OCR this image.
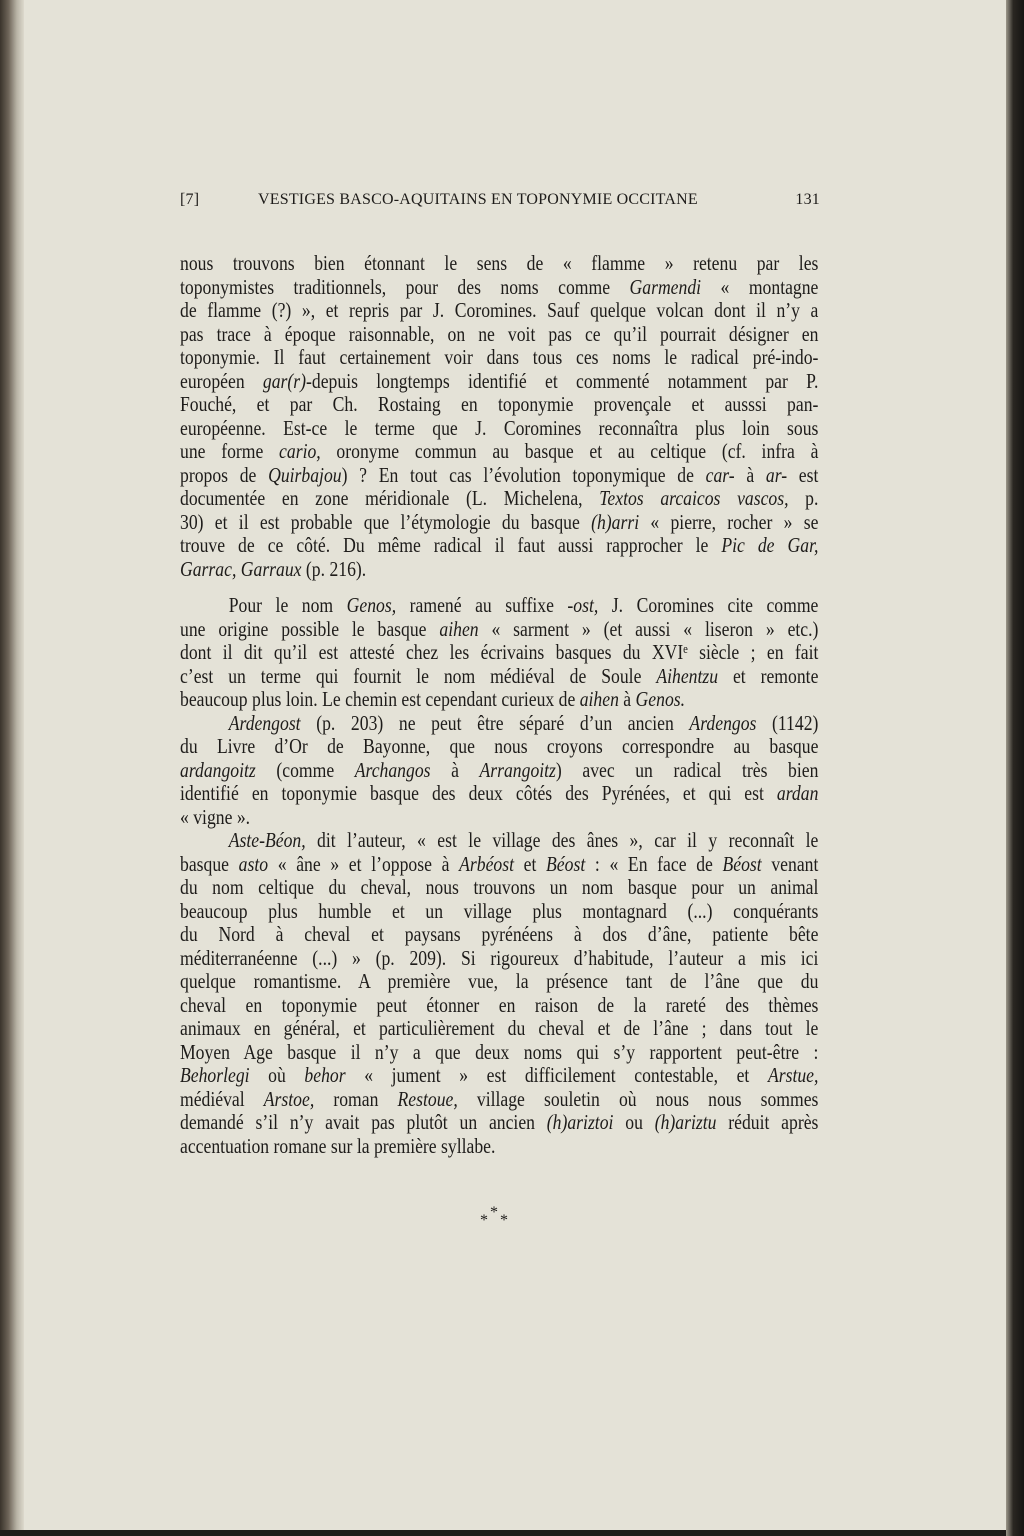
[7]	VESTIGES BASCO-AQUITAINS EN TOPONYMIE OCCITANE	131
nous trouvons bien étonnant le sens de « flamme » retenu par les
toponymistes traditionnels, pour des noms comme Garmendi « montagne
de flamme (?) », et repris par J. Coromines. Sauf quelque volcan dont il n’y a
pas trace à époque raisonnable, on ne voit pas ce qu’il pourrait désigner en
toponymie. Il faut certainement voir dans tous ces noms le radical pré-indo-
européen gar(r)-depuis longtemps identifié et commenté notamment par P.
Fouché, et par Ch. Rostaing en toponymie provençale et ausssi pan-
européenne. Est-ce le terme que J. Coromines reconnaîtra plus loin sous
une forme cario, oronyme commun au basque et au celtique (cf. infra à
propos de Quirbajou) ? En tout cas l’évolution toponymique de car- à ar- est
documentée en zone méridionale (L. Michelena, Textos arcaicos vascos, p.
30) et il est probable que l’étymologie du basque (h)arri « pierre, rocher » se
trouve de ce côté. Du même radical il faut aussi rapprocher le Pic de Gar,
Garrac, Garraux (p. 216).
Pour le nom Genos, ramené au suffixe -ost, J. Coromines cite comme
une origine possible le basque aihen « sarment » (et aussi « liseron » etc.)
dont il dit qu’il est attesté chez les écrivains basques du XVIᵉ siècle ; en fait
c’est un terme qui fournit le nom médiéval de Soule Aihentzu et remonte
beaucoup plus loin. Le chemin est cependant curieux de aihen à Genos.
Ardengost (p. 203) ne peut être séparé d’un ancien Ardengos (1142)
du Livre d’Or de Bayonne, que nous croyons correspondre au basque
ardangoitz (comme Archangos à Arrangoitz) avec un radical très bien
identifié en toponymie basque des deux côtés des Pyrénées, et qui est ardan
« vigne ».
Aste-Béon, dit l’auteur, « est le village des ânes », car il y reconnaît le
basque asto « âne » et l’oppose à Arbéost et Béost : « En face de Béost venant
du nom celtique du cheval, nous trouvons un nom basque pour un animal
beaucoup plus humble et un village plus montagnard (...) conquérants
du Nord à cheval et paysans pyrénéens à dos d’âne, patiente bête
méditerranéenne (...) » (p. 209). Si rigoureux d’habitude, l’auteur a mis ici
quelque romantisme. A première vue, la présence tant de l’âne que du
cheval en toponymie peut étonner en raison de la rareté des thèmes
animaux en général, et particulièrement du cheval et de l’âne ; dans tout le
Moyen Age basque il n’y a que deux noms qui s’y rapportent peut-être :
Behorlegi où behor « jument » est difficilement contestable, et Arstue,
médiéval Arstoe, roman Restoue, village souletin où nous nous sommes
demandé s’il n’y avait pas plutôt un ancien (h)ariztoi ou (h)ariztu réduit après
accentuation romane sur la première syllabe.
* * *
